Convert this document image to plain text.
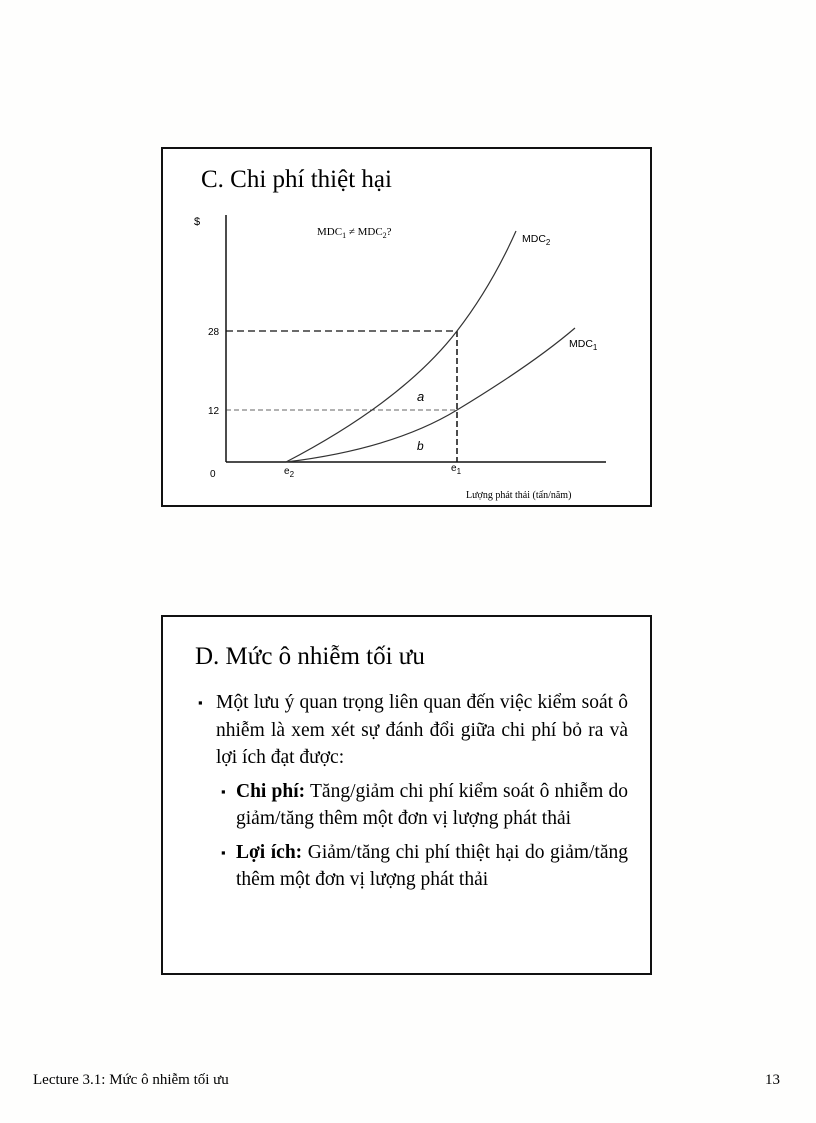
C. Chi phí thiệt hại
$
0
28
12
$e_2$
$e_1$
Lượng phát thải (tấn/năm)
$MDC_1 \ne MDC_2$?
$MDC_2$
$MDC_1$
a
b
D. Mức ô nhiễm tối ưu
▪ Một lưu ý quan trọng liên quan đến việc kiểm soát ô nhiễm là xem xét sự đánh đổi giữa chi phí bỏ ra và lợi ích đạt được:
▪ Chi phí: Tăng/giảm chi phí kiểm soát ô nhiễm do giảm/tăng thêm một đơn vị lượng phát thải
▪ Lợi ích: Giảm/tăng chi phí thiệt hại do giảm/tăng thêm một đơn vị lượng phát thải
Lecture 3.1: Mức ô nhiễm tối ưu	13
